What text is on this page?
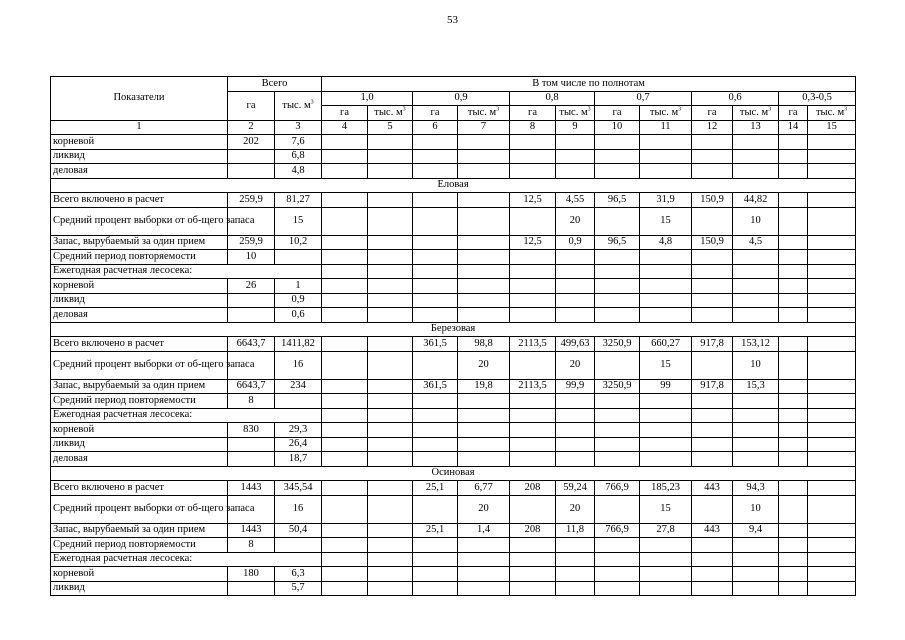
53
Показатели	Всего		В том числе по полнотам											
	га	тыс. $м^3$	1,0		0,9		0,8		0,7		0,6		0,3-0,5	
			га	тыс. $м^3$	га	тыс. $м^3$	га	тыс. $м^3$	га	тыс. $м^3$	га	тыс. $м^3$	га	тыс. $м^3$
1	2	3	4	5	6	7	8	9	10	11	12	13	14	15
корневой	202	7,6												
ликвид		6,8												
деловая		4,8												
Еловая														
Всего включено в расчет	259,9	81,27					12,5	4,55	96,5	31,9	150,9	44,82		
Средний процент выборки от об-щего запаса		15						20		15		10		
Запас, вырубаемый за один прием	259,9	10,2					12,5	0,9	96,5	4,8	150,9	4,5		
Средний период повторяемости	10													
Ежегодная расчетная лесосека:														
корневой	26	1												
ликвид		0,9												
деловая		0,6												
Березовая														
Всего включено в расчет	6643,7	1411,82			361,5	98,8	2113,5	499,63	3250,9	660,27	917,8	153,12		
Средний процент выборки от об-щего запаса		16				20		20		15		10		
Запас, вырубаемый за один прием	6643,7	234			361,5	19,8	2113,5	99,9	3250,9	99	917,8	15,3		
Средний период повторяемости	8													
Ежегодная расчетная лесосека:														
корневой	830	29,3												
ликвид		26,4												
деловая		18,7												
Осиновая														
Всего включено в расчет	1443	345,54			25,1	6,77	208	59,24	766,9	185,23	443	94,3		
Средний процент выборки от об-щего запаса		16				20		20		15		10		
Запас, вырубаемый за один прием	1443	50,4			25,1	1,4	208	11,8	766,9	27,8	443	9,4		
Средний период повторяемости	8													
Ежегодная расчетная лесосека:														
корневой	180	6,3												
ликвид		5,7												
